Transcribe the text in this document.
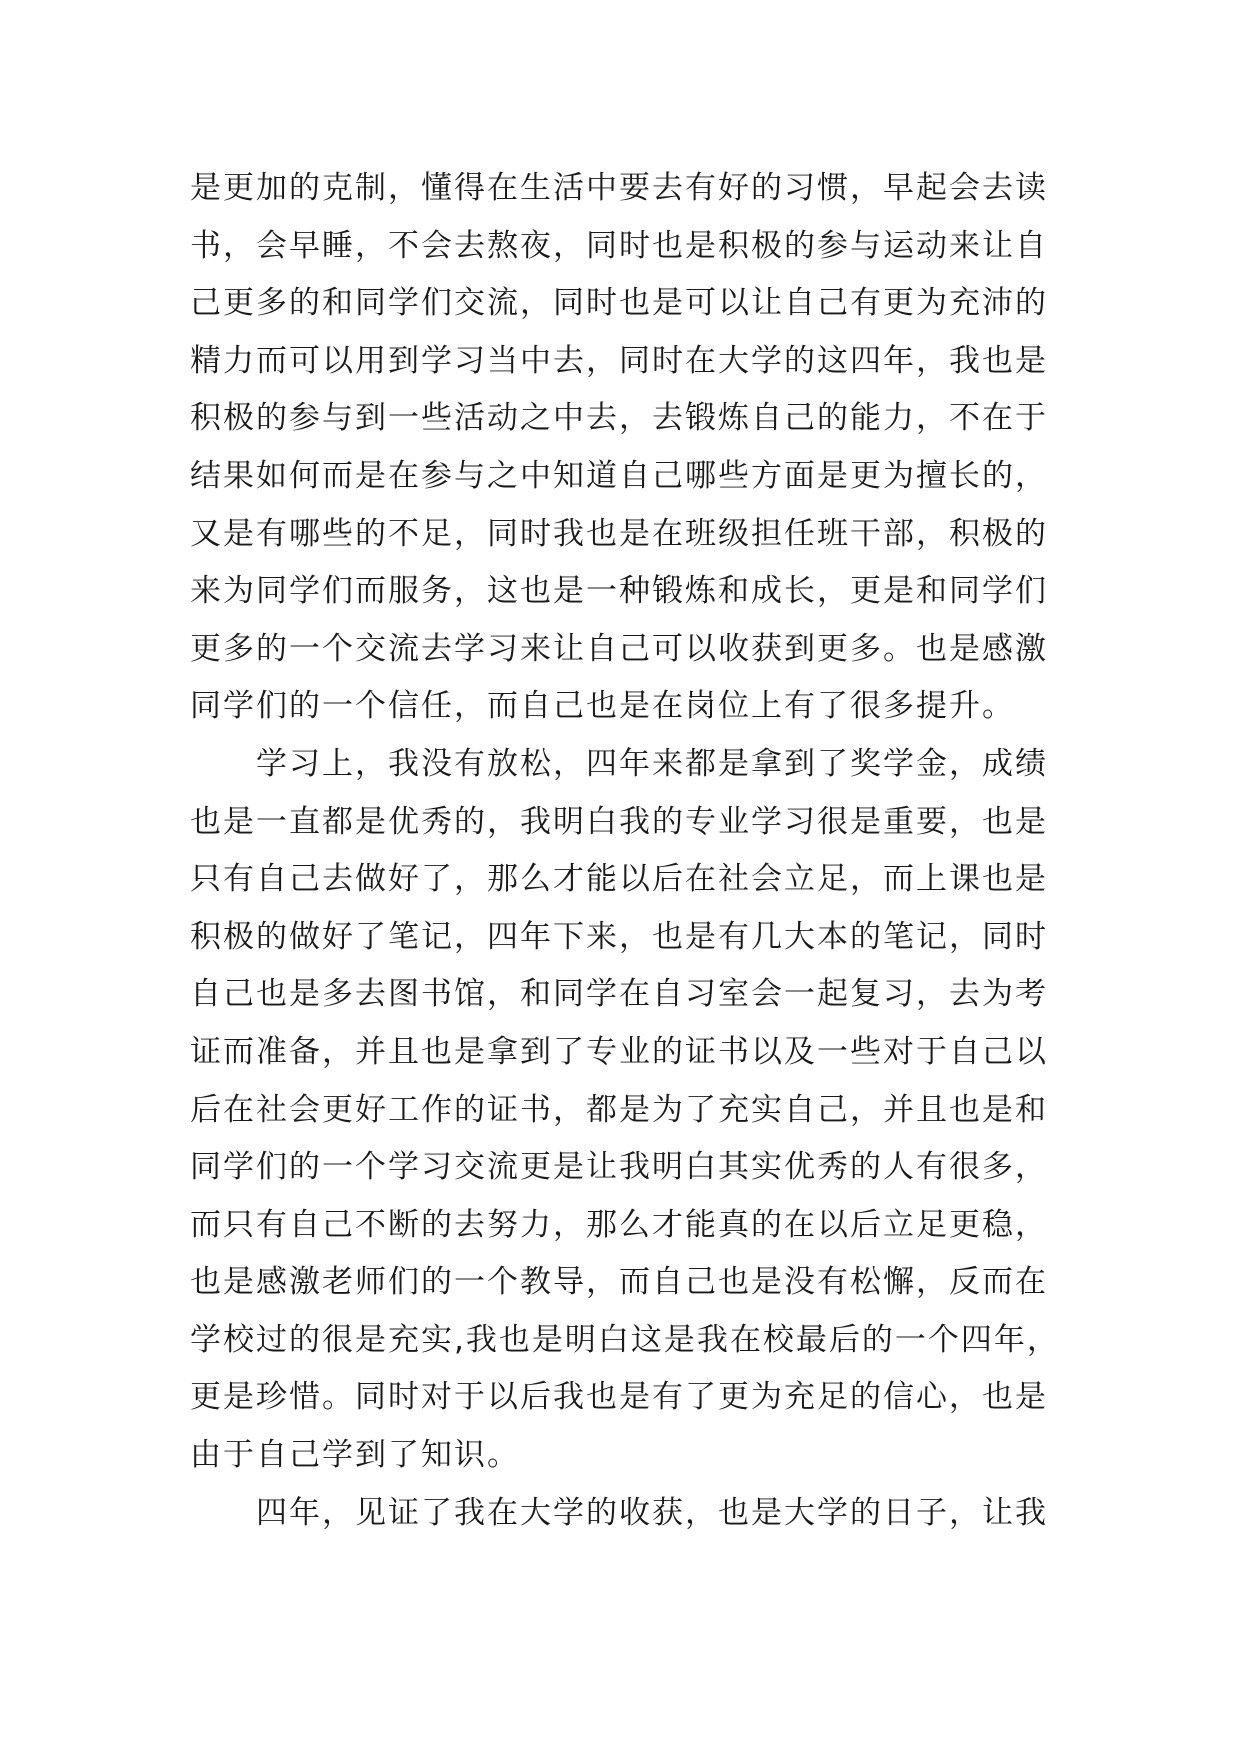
是更加的克制，懂得在生活中要去有好的习惯，早起会去读
书，会早睡，不会去熬夜，同时也是积极的参与运动来让自
己更多的和同学们交流，同时也是可以让自己有更为充沛的
精力而可以用到学习当中去，同时在大学的这四年，我也是
积极的参与到一些活动之中去，去锻炼自己的能力，不在于
结果如何而是在参与之中知道自己哪些方面是更为擅长的，
又是有哪些的不足，同时我也是在班级担任班干部，积极的
来为同学们而服务，这也是一种锻炼和成长，更是和同学们
更多的一个交流去学习来让自己可以收获到更多。也是感激
同学们的一个信任，而自己也是在岗位上有了很多提升。
　　学习上，我没有放松，四年来都是拿到了奖学金，成绩
也是一直都是优秀的，我明白我的专业学习很是重要，也是
只有自己去做好了，那么才能以后在社会立足，而上课也是
积极的做好了笔记，四年下来，也是有几大本的笔记，同时
自己也是多去图书馆，和同学在自习室会一起复习，去为考
证而准备，并且也是拿到了专业的证书以及一些对于自己以
后在社会更好工作的证书，都是为了充实自己，并且也是和
同学们的一个学习交流更是让我明白其实优秀的人有很多，
而只有自己不断的去努力，那么才能真的在以后立足更稳，
也是感激老师们的一个教导，而自己也是没有松懈，反而在
学校过的很是充实,我也是明白这是我在校最后的一个四年，
更是珍惜。同时对于以后我也是有了更为充足的信心，也是
由于自己学到了知识。
　　四年，见证了我在大学的收获，也是大学的日子，让我
